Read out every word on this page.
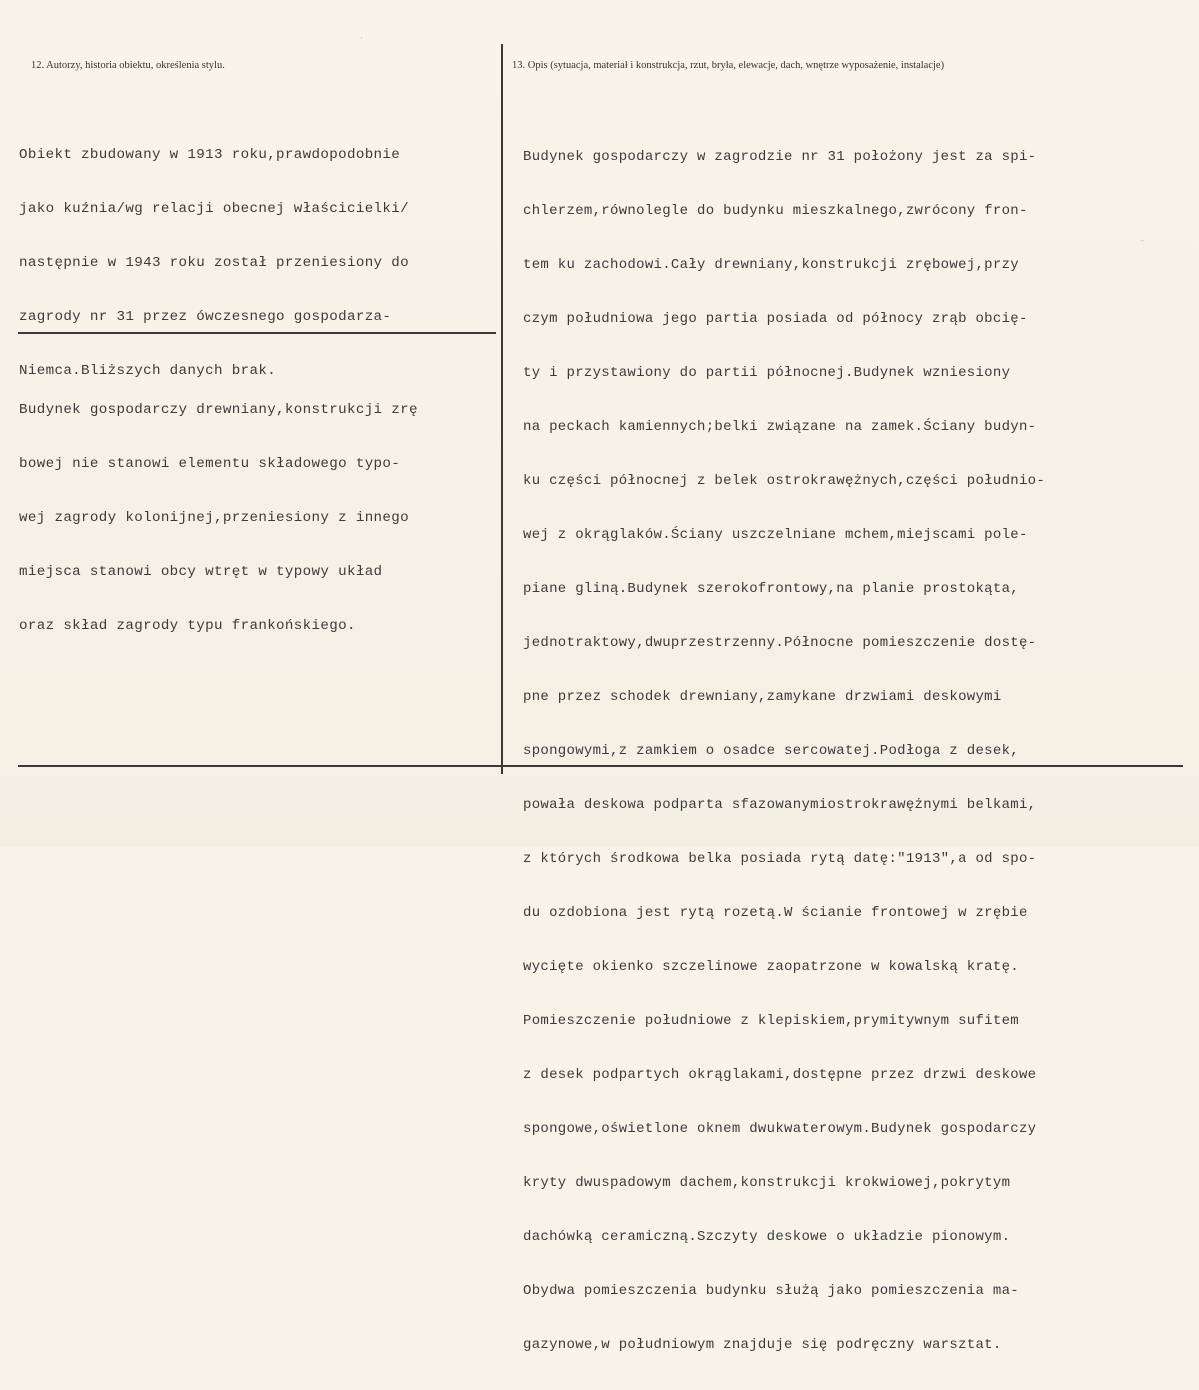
12. Autorzy, historia obiektu, określenia stylu.	13. Opis (sytuacja, materiał i konstrukcja, rzut, bryła, elewacje, dach, wnętrze wyposażenie, instalacje)

Obiekt zbudowany w 1913 roku,prawdopodobnie

jako kuźnia/wg relacji obecnej właścicielki/

następnie w 1943 roku został przeniesiony do

zagrody nr 31 przez ówczesnego gospodarza-

Niemca.Bliższych danych brak.

Budynek gospodarczy drewniany,konstrukcji zrę

bowej nie stanowi elementu składowego typo-

wej zagrody kolonijnej,przeniesiony z innego

miejsca stanowi obcy wtręt w typowy układ

oraz skład zagrody typu frankońskiego.

Budynek gospodarczy w zagrodzie nr 31 położony jest za spi-

chlerzem,równolegle do budynku mieszkalnego,zwrócony fron-

tem ku zachodowi.Cały drewniany,konstrukcji zrębowej,przy

czym południowa jego partia posiada od północy zrąb obcię-

ty i przystawiony do partii północnej.Budynek wzniesiony

na peckach kamiennych;belki związane na zamek.Ściany budyn-

ku części północnej z belek ostrokrawężnych,części południo-

wej z okrąglaków.Ściany uszczelniane mchem,miejscami pole-

piane gliną.Budynek szerokofrontowy,na planie prostokąta,

jednotraktowy,dwuprzestrzenny.Północne pomieszczenie dostę-

pne przez schodek drewniany,zamykane drzwiami deskowymi

spongowymi,z zamkiem o osadce sercowatej.Podłoga z desek,

powała deskowa podparta sfazowanymiostrokrawężnymi belkami,

z których środkowa belka posiada rytą datę:"1913",a od spo-

du ozdobiona jest rytą rozetą.W ścianie frontowej w zrębie

wycięte okienko szczelinowe zaopatrzone w kowalską kratę.

Pomieszczenie południowe z klepiskiem,prymitywnym sufitem

z desek podpartych okrąglakami,dostępne przez drzwi deskowe

spongowe,oświetlone oknem dwukwaterowym.Budynek gospodarczy

kryty dwuspadowym dachem,konstrukcji krokwiowej,pokrytym

dachówką ceramiczną.Szczyty deskowe o układzie pionowym.

Obydwa pomieszczenia budynku służą jako pomieszczenia ma-

gazynowe,w południowym znajduje się podręczny warsztat.

·
–
